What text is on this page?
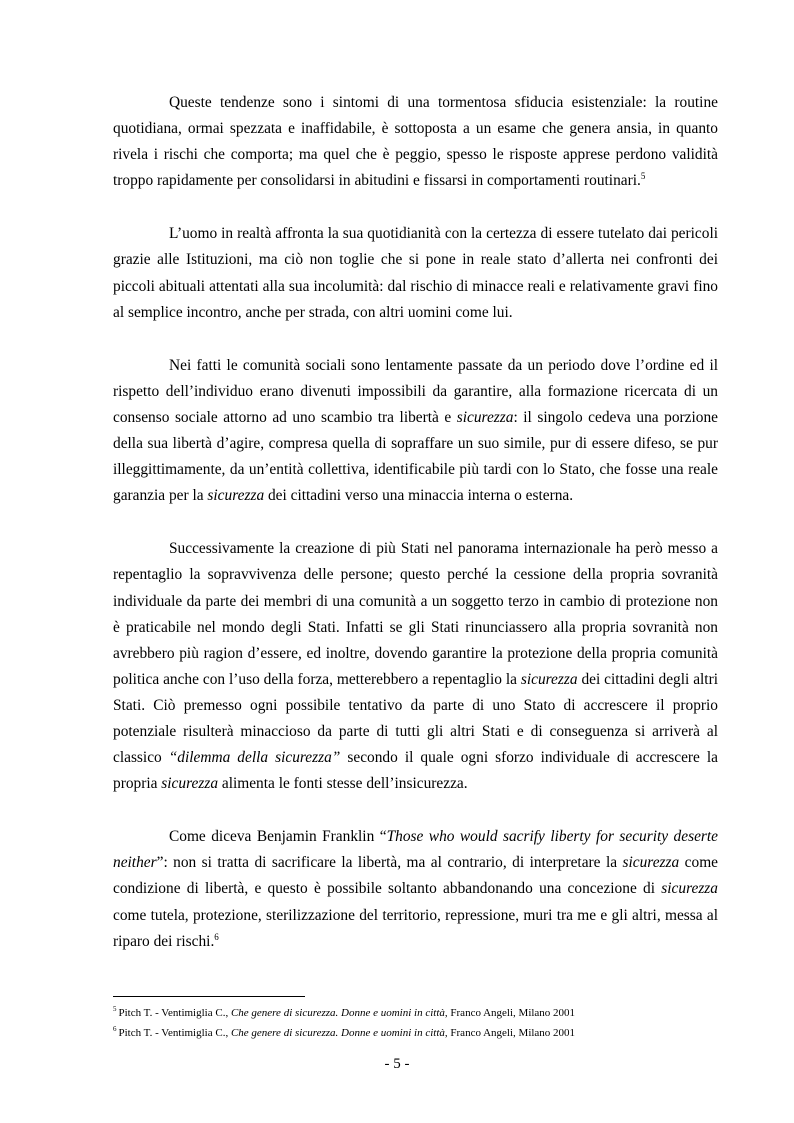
Queste tendenze sono i sintomi di una tormentosa sfiducia esistenziale: la routine quotidiana, ormai spezzata e inaffidabile, è sottoposta a un esame che genera ansia, in quanto rivela i rischi che comporta; ma quel che è peggio, spesso le risposte apprese perdono validità troppo rapidamente per consolidarsi in abitudini e fissarsi in comportamenti routinari.$^5$

L’uomo in realtà affronta la sua quotidianità con la certezza di essere tutelato dai pericoli grazie alle Istituzioni, ma ciò non toglie che si pone in reale stato d’allerta nei confronti dei piccoli abituali attentati alla sua incolumità: dal rischio di minacce reali e relativamente gravi fino al semplice incontro, anche per strada, con altri uomini come lui.

Nei fatti le comunità sociali sono lentamente passate da un periodo dove l’ordine ed il rispetto dell’individuo erano divenuti impossibili da garantire, alla formazione ricercata di un consenso sociale attorno ad uno scambio tra libertà e sicurezza: il singolo cedeva una porzione della sua libertà d’agire, compresa quella di sopraffare un suo simile, pur di essere difeso, se pur illeggittimamente, da un’entità collettiva, identificabile più tardi con lo Stato, che fosse una reale garanzia per la sicurezza dei cittadini verso una minaccia interna o esterna.

Successivamente la creazione di più Stati nel panorama internazionale ha però messo a repentaglio la sopravvivenza delle persone; questo perché la cessione della propria sovranità individuale da parte dei membri di una comunità a un soggetto terzo in cambio di protezione non è praticabile nel mondo degli Stati. Infatti se gli Stati rinunciassero alla propria sovranità non avrebbero più ragion d’essere, ed inoltre, dovendo garantire la protezione della propria comunità politica anche con l’uso della forza, metterebbero a repentaglio la sicurezza dei cittadini degli altri Stati. Ciò premesso ogni possibile tentativo da parte di uno Stato di accrescere il proprio potenziale risulterà minaccioso da parte di tutti gli altri Stati e di conseguenza si arriverà al classico “dilemma della sicurezza” secondo il quale ogni sforzo individuale di accrescere la propria sicurezza alimenta le fonti stesse dell’insicurezza.

Come diceva Benjamin Franklin “Those who would sacrify liberty for security deserte neither”: non si tratta di sacrificare la libertà, ma al contrario, di interpretare la sicurezza come condizione di libertà, e questo è possibile soltanto abbandonando una concezione di sicurezza come tutela, protezione, sterilizzazione del territorio, repressione, muri tra me e gli altri, messa al riparo dei rischi.$^6$

$^5$ Pitch T. - Ventimiglia C., Che genere di sicurezza. Donne e uomini in città, Franco Angeli, Milano 2001
$^6$ Pitch T. - Ventimiglia C., Che genere di sicurezza. Donne e uomini in città, Franco Angeli, Milano 2001
- 5 -
